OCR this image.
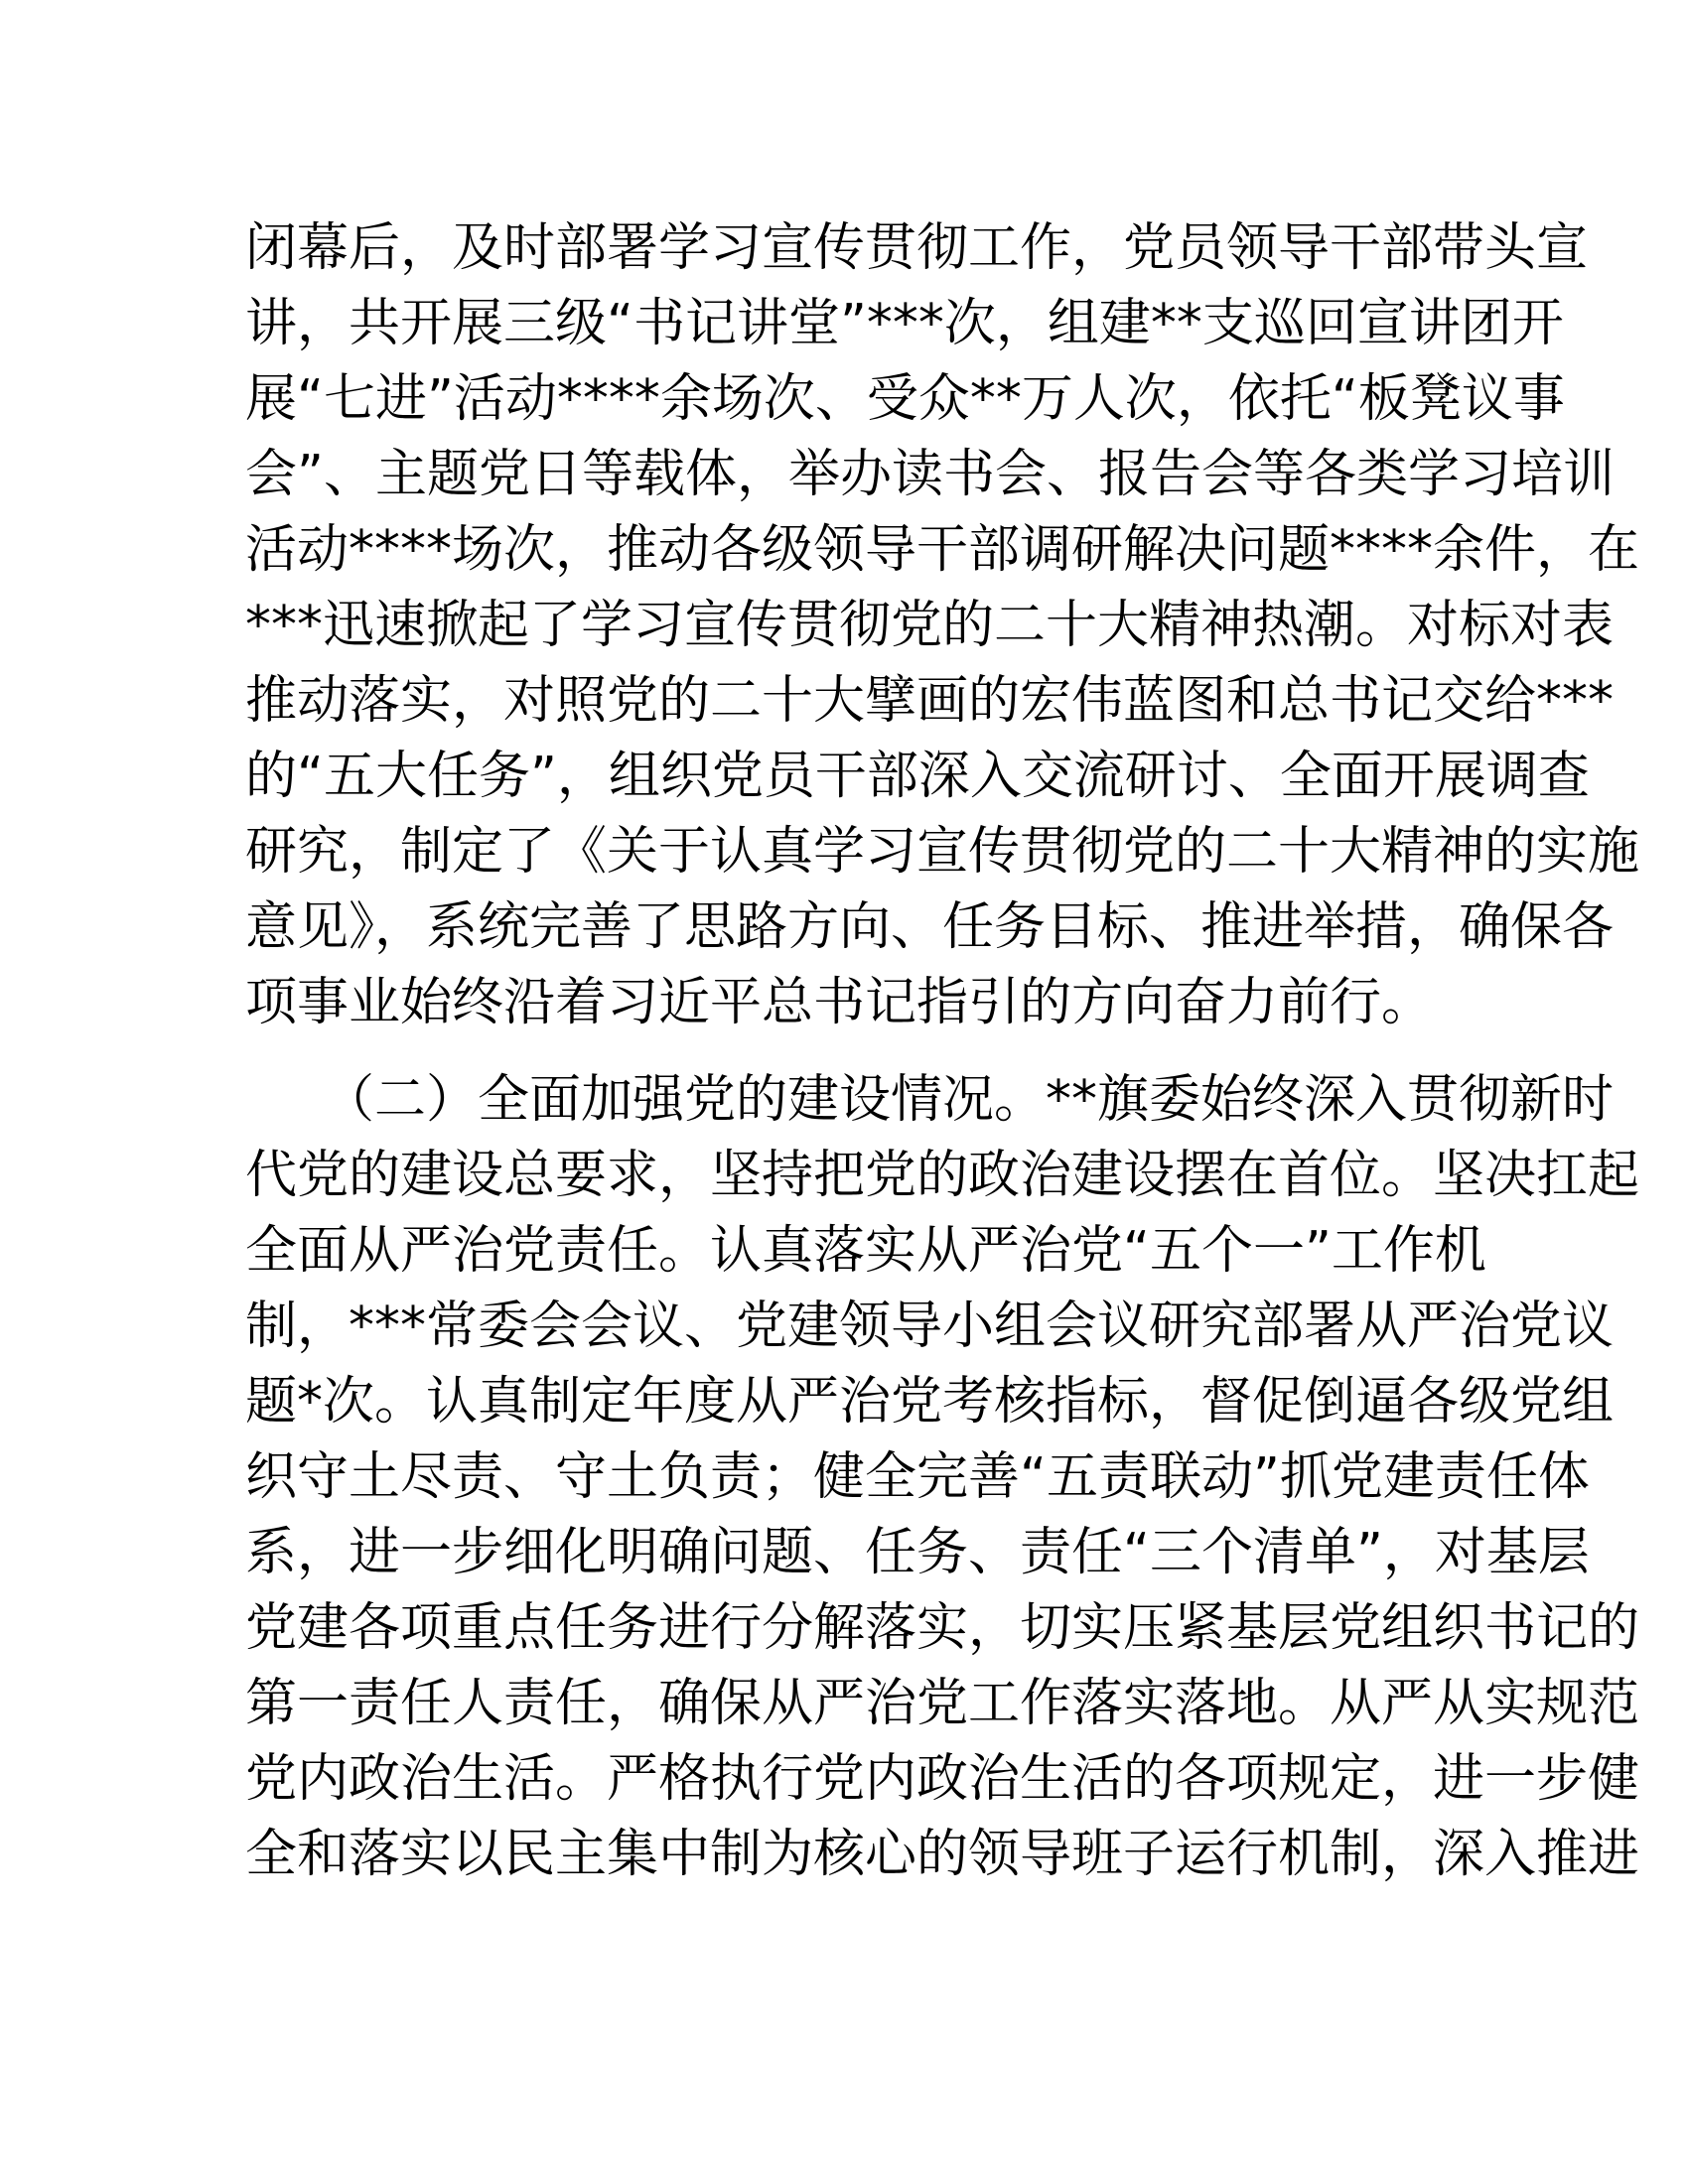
闭幕后，及时部署学习宣传贯彻工作，党员领导干部带头宣
讲，共开展三级“书记讲堂”***次，组建**支巡回宣讲团开
展“七进”活动****余场次、受众**万人次，依托“板凳议事
会”、主题党日等载体，举办读书会、报告会等各类学习培训
活动****场次，推动各级领导干部调研解决问题****余件，在
***迅速掀起了学习宣传贯彻党的二十大精神热潮。对标对表
推动落实，对照党的二十大擘画的宏伟蓝图和总书记交给***
的“五大任务”，组织党员干部深入交流研讨、全面开展调查
研究，制定了《关于认真学习宣传贯彻党的二十大精神的实施
意见》，系统完善了思路方向、任务目标、推进举措，确保各
项事业始终沿着习近平总书记指引的方向奋力前行。
　　（二）全面加强党的建设情况。**旗委始终深入贯彻新时
代党的建设总要求，坚持把党的政治建设摆在首位。坚决扛起
全面从严治党责任。认真落实从严治党“五个一”工作机
制，***常委会会议、党建领导小组会议研究部署从严治党议
题*次。认真制定年度从严治党考核指标，督促倒逼各级党组
织守土尽责、守土负责；健全完善“五责联动”抓党建责任体
系，进一步细化明确问题、任务、责任“三个清单”，对基层
党建各项重点任务进行分解落实，切实压紧基层党组织书记的
第一责任人责任，确保从严治党工作落实落地。从严从实规范
党内政治生活。严格执行党内政治生活的各项规定，进一步健
全和落实以民主集中制为核心的领导班子运行机制，深入推进
